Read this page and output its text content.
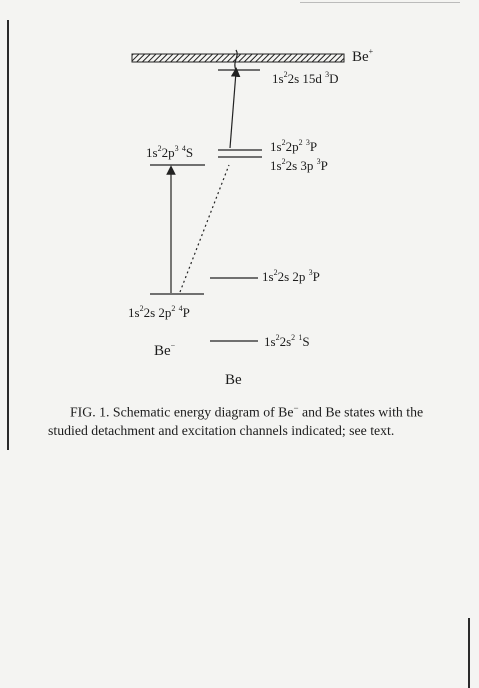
Be+
$1s^22s$ 15d $^3$D
$1s^22p^3$ $^4$S	$1s^22p^2$ $^3$P
$1s^22s$ 3p $^3$P
$1s^22s$ 2p $^3$P
$1s^22s$ $2p^2$ $^4$P
$1s^22s^2$ $^1$S
Be−
Be
FIG. 1. Schematic energy diagram of Be− and Be states with the studied detachment and excitation channels indicated; see text.
